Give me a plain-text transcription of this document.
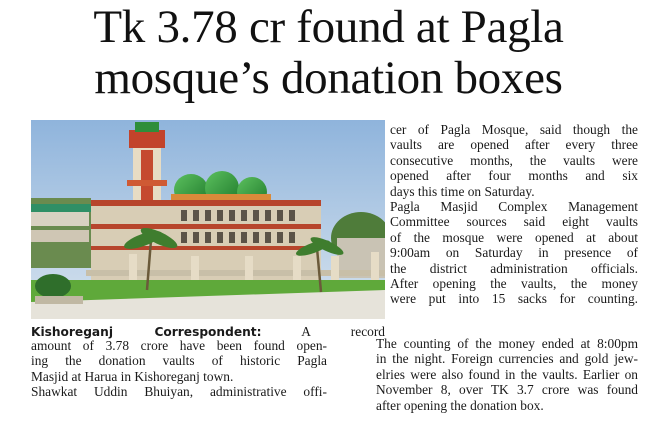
Tk 3.78 cr found at Pagla
mosque’s donation boxes

cer of Pagla Mosque, said though the

vaults are opened after every three

consecutive months, the vaults were

opened after four months and six

days this time on Saturday.

Pagla Masjid Complex Management

Committee sources said eight vaults

of the mosque were opened at about

9:00am on Saturday in presence of

the district administration officials.

After opening the vaults, the money

were put into 15 sacks for counting.

Kishoreganj Correspondent: A record

amount of 3.78 crore have been found open-

ing the donation vaults of historic Pagla

Masjid at Harua in Kishoreganj town.

Shawkat Uddin Bhuiyan, administrative offi-

The counting of the money ended at 8:00pm

in the night. Foreign currencies and gold jew-

elries were also found in the vaults. Earlier on

November 8, over TK 3.7 crore was found

after opening the donation box.
